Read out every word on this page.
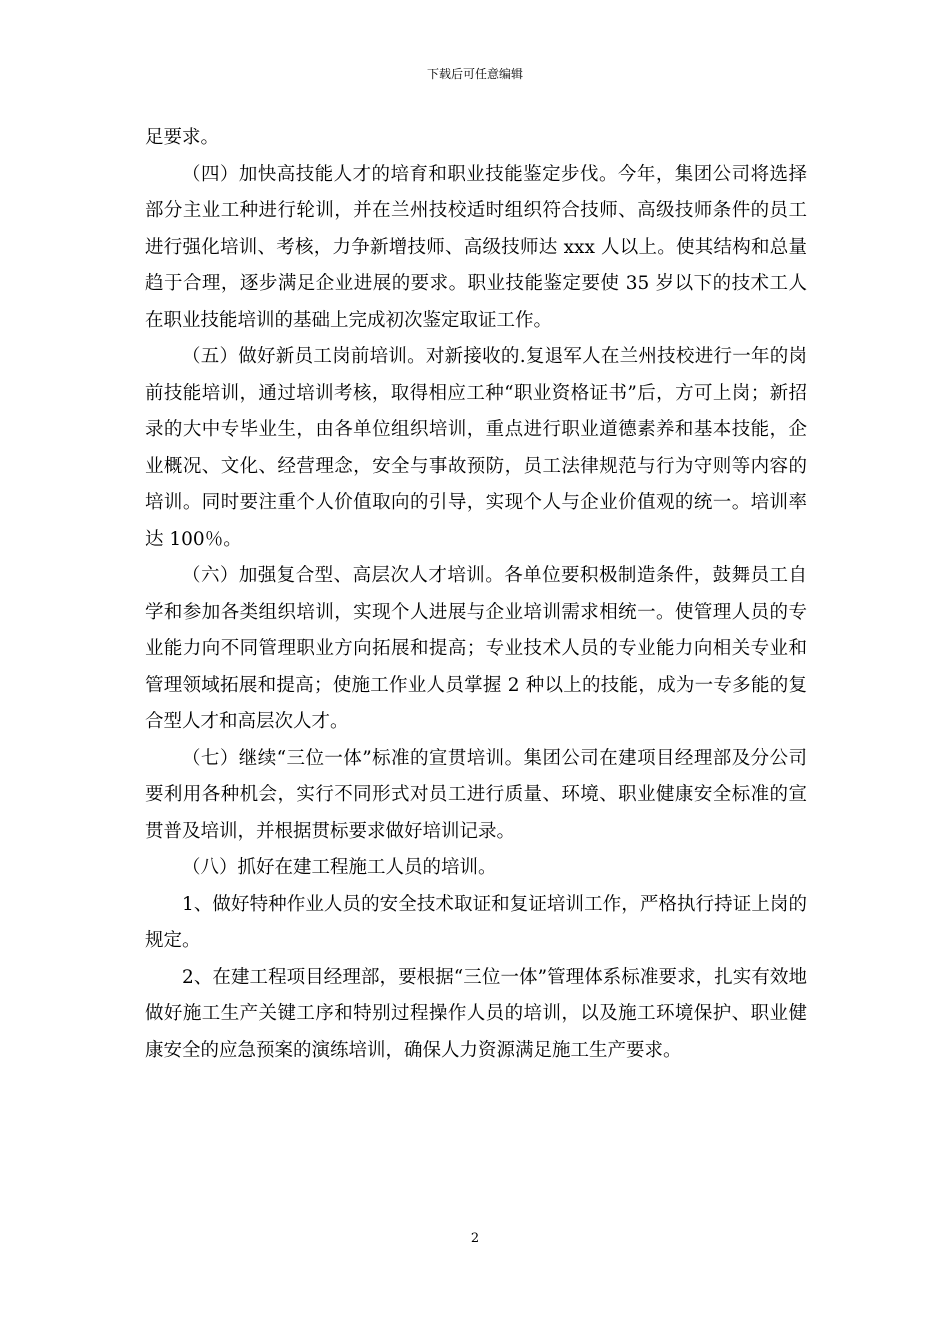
下载后可任意编辑

足要求。

（四）加快高技能人才的培育和职业技能鉴定步伐。今年，集团公司将选择部分主业工种进行轮训，并在兰州技校适时组织符合技师、高级技师条件的员工进行强化培训、考核，力争新增技师、高级技师达 xxx 人以上。使其结构和总量趋于合理，逐步满足企业进展的要求。职业技能鉴定要使 35 岁以下的技术工人在职业技能培训的基础上完成初次鉴定取证工作。

（五）做好新员工岗前培训。对新接收的.复退军人在兰州技校进行一年的岗前技能培训，通过培训考核，取得相应工种“职业资格证书”后，方可上岗；新招录的大中专毕业生，由各单位组织培训，重点进行职业道德素养和基本技能，企业概况、文化、经营理念，安全与事故预防，员工法律规范与行为守则等内容的培训。同时要注重个人价值取向的引导，实现个人与企业价值观的统一。培训率达 100％。

（六）加强复合型、高层次人才培训。各单位要积极制造条件，鼓舞员工自学和参加各类组织培训，实现个人进展与企业培训需求相统一。使管理人员的专业能力向不同管理职业方向拓展和提高；专业技术人员的专业能力向相关专业和管理领域拓展和提高；使施工作业人员掌握 2 种以上的技能，成为一专多能的复合型人才和高层次人才。

（七）继续“三位一体”标准的宣贯培训。集团公司在建项目经理部及分公司要利用各种机会，实行不同形式对员工进行质量、环境、职业健康安全标准的宣贯普及培训，并根据贯标要求做好培训记录。

（八）抓好在建工程施工人员的培训。

1、做好特种作业人员的安全技术取证和复证培训工作，严格执行持证上岗的规定。

2、在建工程项目经理部，要根据“三位一体”管理体系标准要求，扎实有效地做好施工生产关键工序和特别过程操作人员的培训，以及施工环境保护、职业健康安全的应急预案的演练培训，确保人力资源满足施工生产要求。

2
